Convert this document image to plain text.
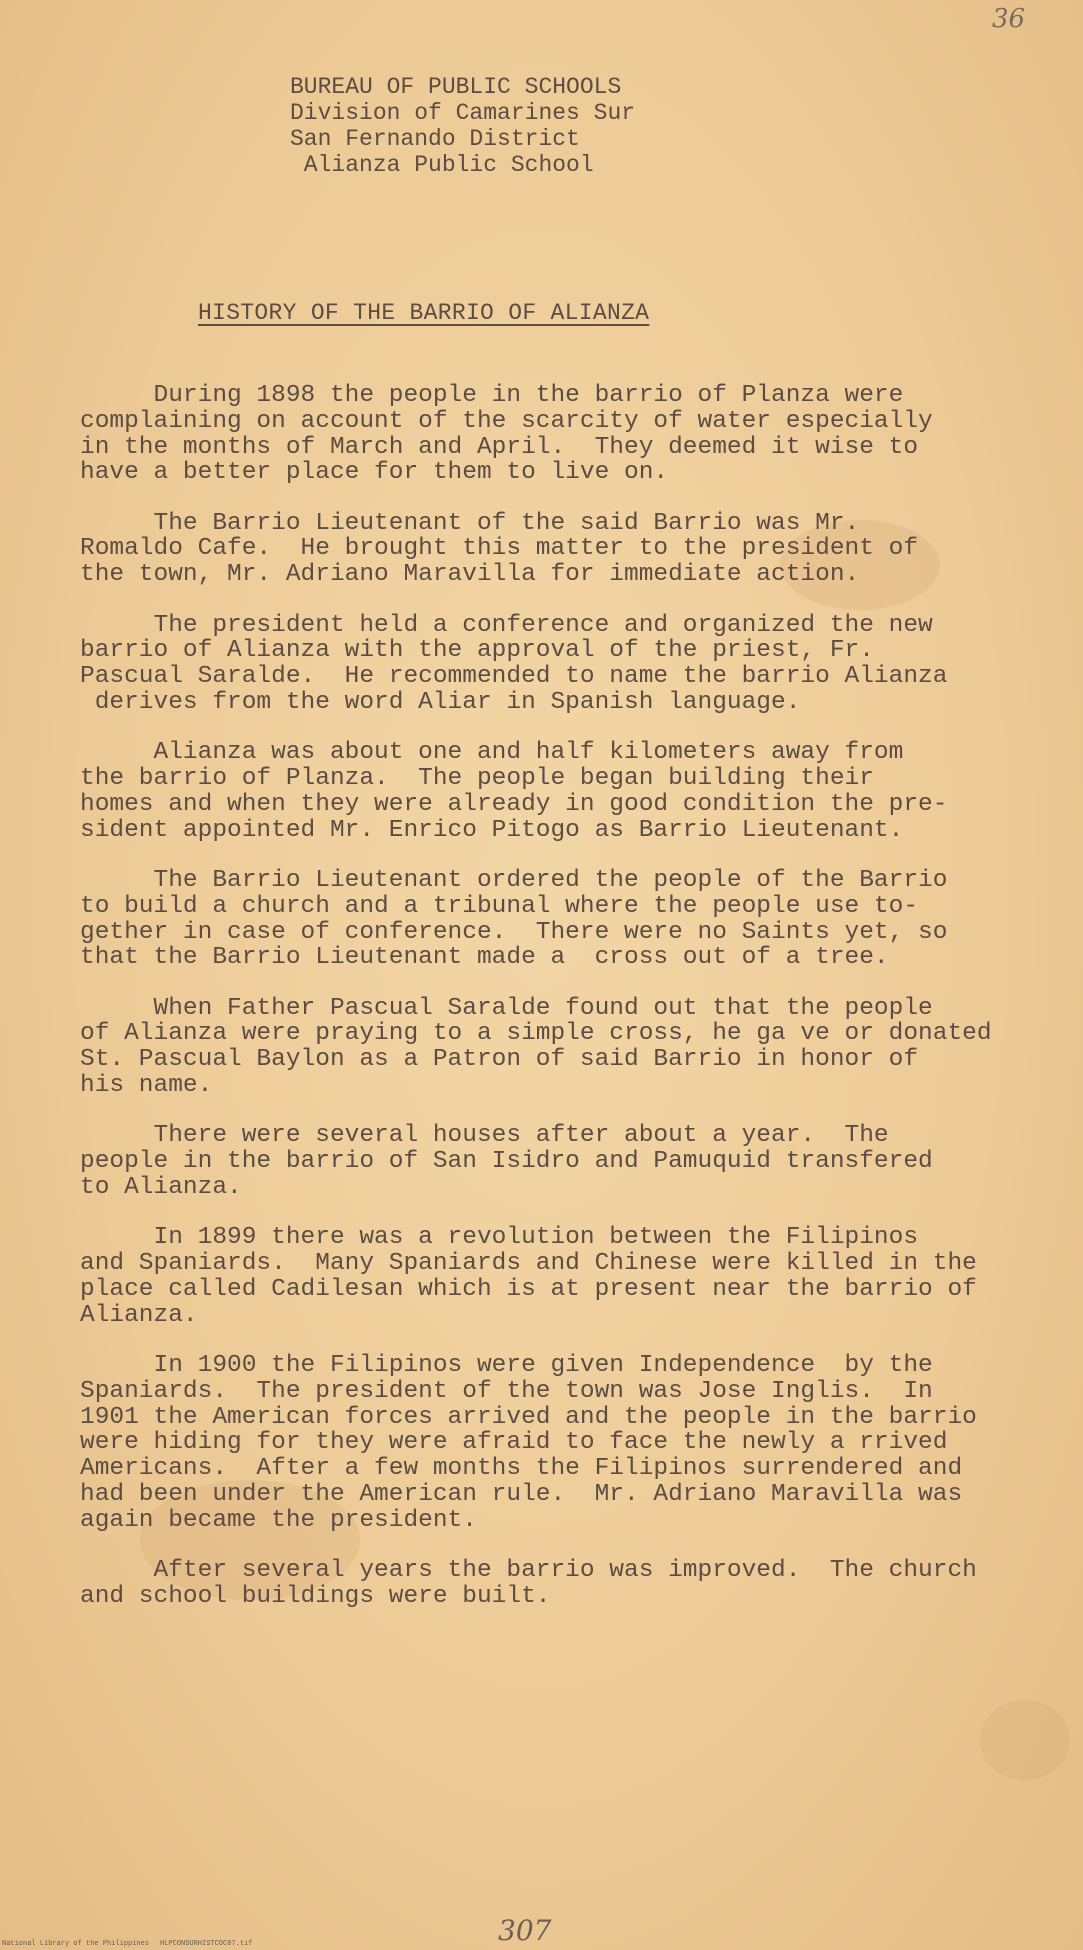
36
BUREAU OF PUBLIC SCHOOLS
Division of Camarines Sur
San Fernando District
Alianza Public School
HISTORY OF THE BARRIO OF ALIANZA

During 1898 the people in the barrio of Planza were
complaining on account of the scarcity of water especially
in the months of March and April.  They deemed it wise to
have a better place for them to live on.

The Barrio Lieutenant of the said Barrio was Mr.
Romaldo Cafe.  He brought this matter to the president of
the town, Mr. Adriano Maravilla for immediate action.

The president held a conference and organized the new
barrio of Alianza with the approval of the priest, Fr.
Pascual Saralde.  He recommended to name the barrio Alianza
derives from the word Aliar in Spanish language.

Alianza was about one and half kilometers away from
the barrio of Planza.  The people began building their
homes and when they were already in good condition the pre-
sident appointed Mr. Enrico Pitogo as Barrio Lieutenant.

The Barrio Lieutenant ordered the people of the Barrio
to build a church and a tribunal where the people use to-
gether in case of conference.  There were no Saints yet, so
that the Barrio Lieutenant made a  cross out of a tree.

When Father Pascual Saralde found out that the people
of Alianza were praying to a simple cross, he ga ve or donated
St. Pascual Baylon as a Patron of said Barrio in honor of
his name.

There were several houses after about a year.  The
people in the barrio of San Isidro and Pamuquid transfered
to Alianza.

In 1899 there was a revolution between the Filipinos
and Spaniards.  Many Spaniards and Chinese were killed in the
place called Cadilesan which is at present near the barrio of
Alianza.

In 1900 the Filipinos were given Independence  by the
Spaniards.  The president of the town was Jose Inglis.  In
1901 the American forces arrived and the people in the barrio
were hiding for they were afraid to face the newly a rrived
Americans.  After a few months the Filipinos surrendered and
had been under the American rule.  Mr. Adriano Maravilla was
again became the president.

After several years the barrio was improved.  The church
and school buildings were built.

307
National Library of the Philippines HLPCONSURHISTCOC07.tif
